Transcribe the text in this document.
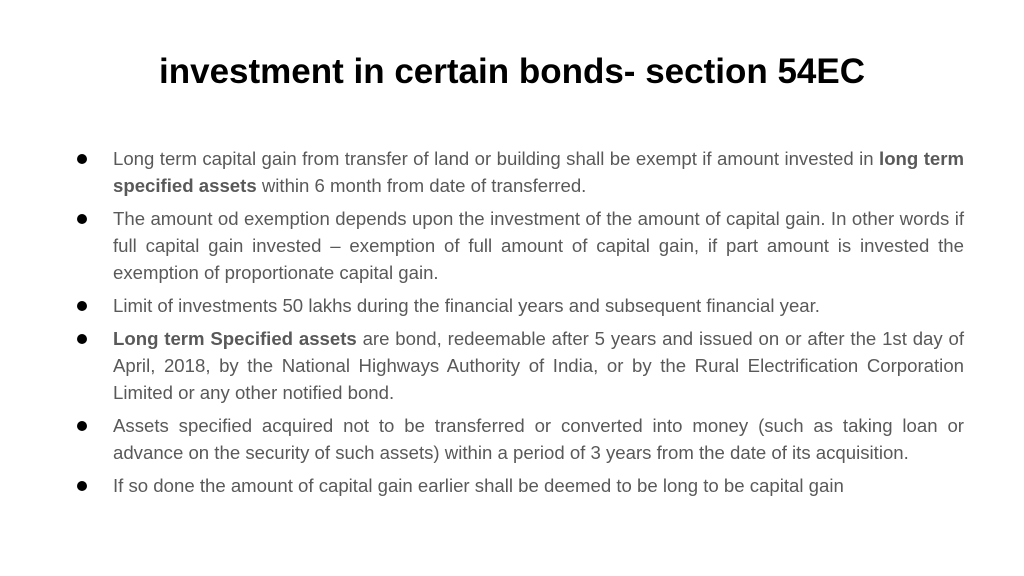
investment in certain bonds- section 54EC
Long term capital gain from transfer of land or building shall be exempt if amount invested in long term specified assets within 6 month from date of transferred.
The amount od exemption depends upon the investment of the amount of capital gain. In other words if full capital gain invested – exemption of full amount of capital gain, if part amount is invested the exemption of proportionate capital gain.
Limit of investments 50 lakhs during the financial years and subsequent financial year.
Long term Specified assets are bond, redeemable after 5 years and issued on or after the 1st day of April, 2018, by the National Highways Authority of India, or by the Rural Electrification Corporation Limited or any other notified bond.
Assets specified acquired not to be transferred or converted into money (such as taking loan or advance on the security of such assets) within a period of 3 years from the date of its acquisition.
If so done the amount of capital gain earlier shall be deemed to be long to be capital gain
